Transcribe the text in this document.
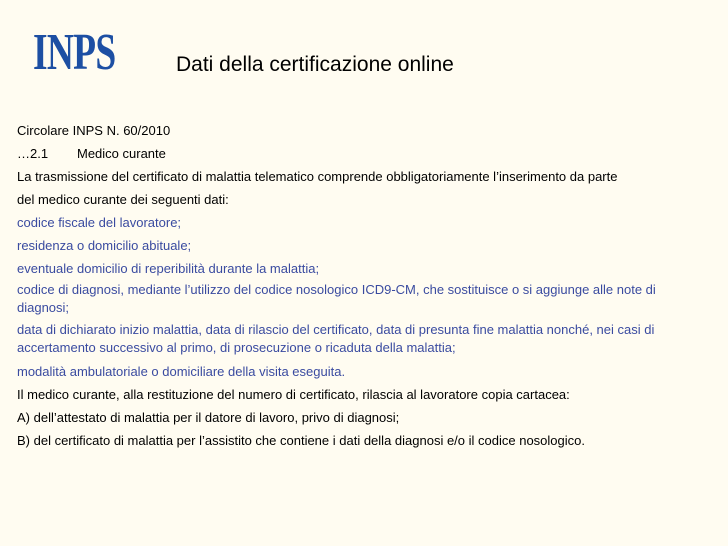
INPS	Dati della certificazione online

Circolare INPS N. 60/2010

…2.1 Medico curante

La trasmissione del certificato di malattia telematico comprende obbligatoriamente l’inserimento da parte

del medico curante dei seguenti dati:

codice fiscale del lavoratore;

residenza o domicilio abituale;

eventuale domicilio di reperibilità durante la malattia;

codice di diagnosi, mediante l’utilizzo del codice nosologico ICD9-CM, che sostituisce o si aggiunge alle note di diagnosi;

data di dichiarato inizio malattia, data di rilascio del certificato, data di presunta fine malattia nonché, nei casi di accertamento successivo al primo, di prosecuzione o ricaduta della malattia;

modalità ambulatoriale o domiciliare della visita eseguita.

Il medico curante, alla restituzione del numero di certificato, rilascia al lavoratore copia cartacea:

A) dell’attestato di malattia per il datore di lavoro, privo di diagnosi;

B) del certificato di malattia per l’assistito che contiene i dati della diagnosi e/o il codice nosologico.
